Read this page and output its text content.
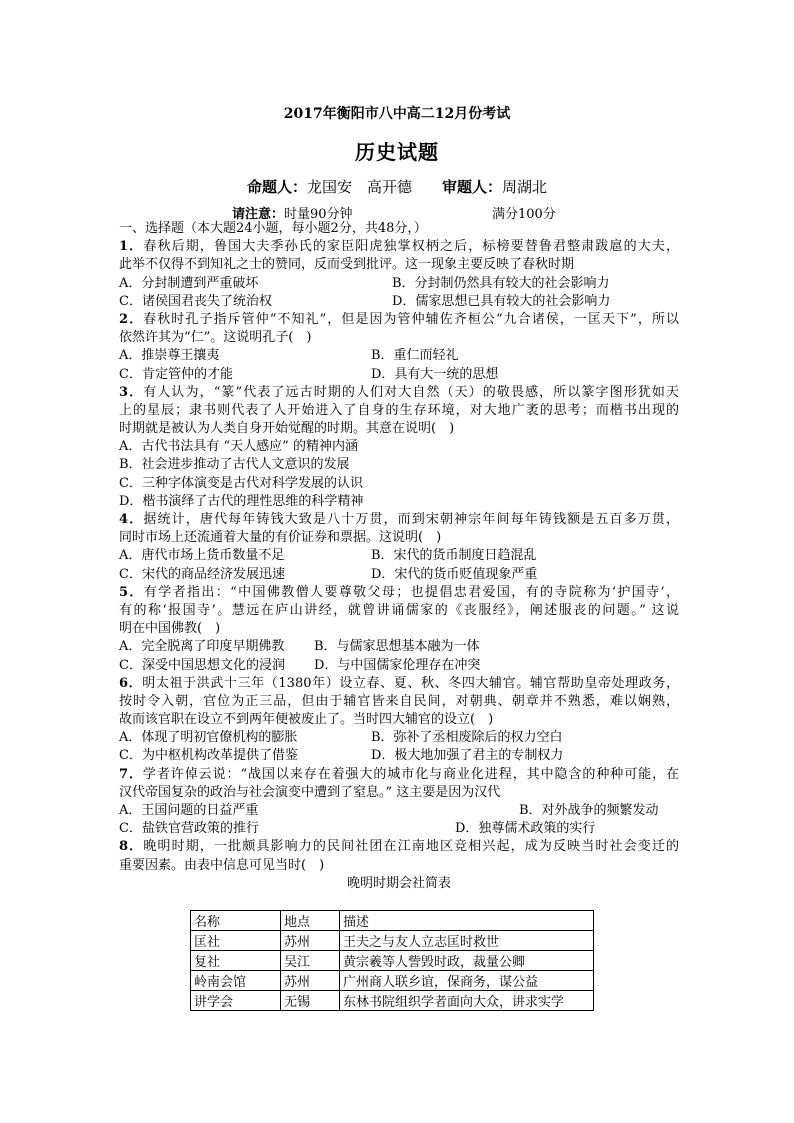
2017年衡阳市八中高二12月份考试
历史试题
命题人：龙国安　高开德　　 审题人：周湖北
请注意：时量90分钟	满分100分
一、选择题（本大题24小题，每小题2分，共48分，）
1．春秋后期，鲁国大夫季孙氏的家臣阳虎独掌权柄之后，标榜要替鲁君整肃跋扈的大夫，
此举不仅得不到知礼之士的赞同，反而受到批评。这一现象主要反映了春秋时期
A．分封制遭到严重破坏	B．分封制仍然具有较大的社会影响力
C．诸侯国君丧失了统治权	D．儒家思想已具有较大的社会影响力
2．春秋时孔子指斥管仲“不知礼”，但是因为管仲辅佐齐桓公“九合诸侯，一匡天下”，所以
依然许其为“仁”。这说明孔子(　)
A．推崇尊王攘夷	B．重仁而轻礼
C．肯定管仲的才能	D．具有大一统的思想
3．有人认为，“篆”代表了远古时期的人们对大自然（天）的敬畏感，所以篆字图形犹如天
上的星辰；隶书则代表了人开始进入了自身的生存环境，对大地广袤的思考；而楷书出现的
时期就是被认为人类自身开始觉醒的时期。其意在说明(　)
A．古代书法具有 “天人感应” 的精神内涵
B．社会进步推动了古代人文意识的发展
C．三种字体演变是古代对科学发展的认识
D．楷书演绎了古代的理性思维的科学精神
4．据统计，唐代每年铸钱大致是八十万贯，而到宋朝神宗年间每年铸钱额是五百多万贯，
同时市场上还流通着大量的有价证券和票据。这说明(　)
A．唐代市场上货币数量不足	B．宋代的货币制度日趋混乱
C．宋代的商品经济发展迅速	D．宋代的货币贬值现象严重
5．有学者指出：“中国佛教僧人要尊敬父母；也提倡忠君爱国，有的寺院称为‘护国寺’，
有的称‘报国寺’。慧远在庐山讲经，就曾讲诵儒家的《丧服经》，阐述服丧的问题。” 这说
明在中国佛教(　)
A．完全脱离了印度早期佛教 B．与儒家思想基本融为一体
C．深受中国思想文化的浸润 D．与中国儒家伦理存在冲突
6．明太祖于洪武十三年（1380年）设立春、夏、秋、冬四大辅官。辅官帮助皇帝处理政务，
按时令入朝，官位为正三品，但由于辅官皆来自民间，对朝典、朝章并不熟悉，难以娴熟，
故而该官职在设立不到两年便被废止了。当时四大辅官的设立(　)
A．体现了明初官僚机构的膨胀	B．弥补了丞相废除后的权力空白
C．为中枢机构改革提供了借鉴	D．极大地加强了君主的专制权力
7．学者许倬云说：“战国以来存在着强大的城市化与商业化进程，其中隐含的种种可能，在
汉代帝国复杂的政治与社会演变中遭到了窒息。” 这主要是因为汉代
A．王国问题的日益严重	B．对外战争的频繁发动
C．盐铁官营政策的推行	D．独尊儒术政策的实行
8．晚明时期，一批颇具影响力的民间社团在江南地区竞相兴起，成为反映当时社会变迁的
重要因素。由表中信息可见当时(　)
晚明时期会社简表
名称	地点	描述
匡社	苏州	王夫之与友人立志匡时救世
复社	吴江	黄宗羲等人訾毁时政，裁量公卿
岭南会馆	苏州	广州商人联乡谊，保商务，谋公益
讲学会	无锡	东林书院组织学者面向大众，讲求实学
